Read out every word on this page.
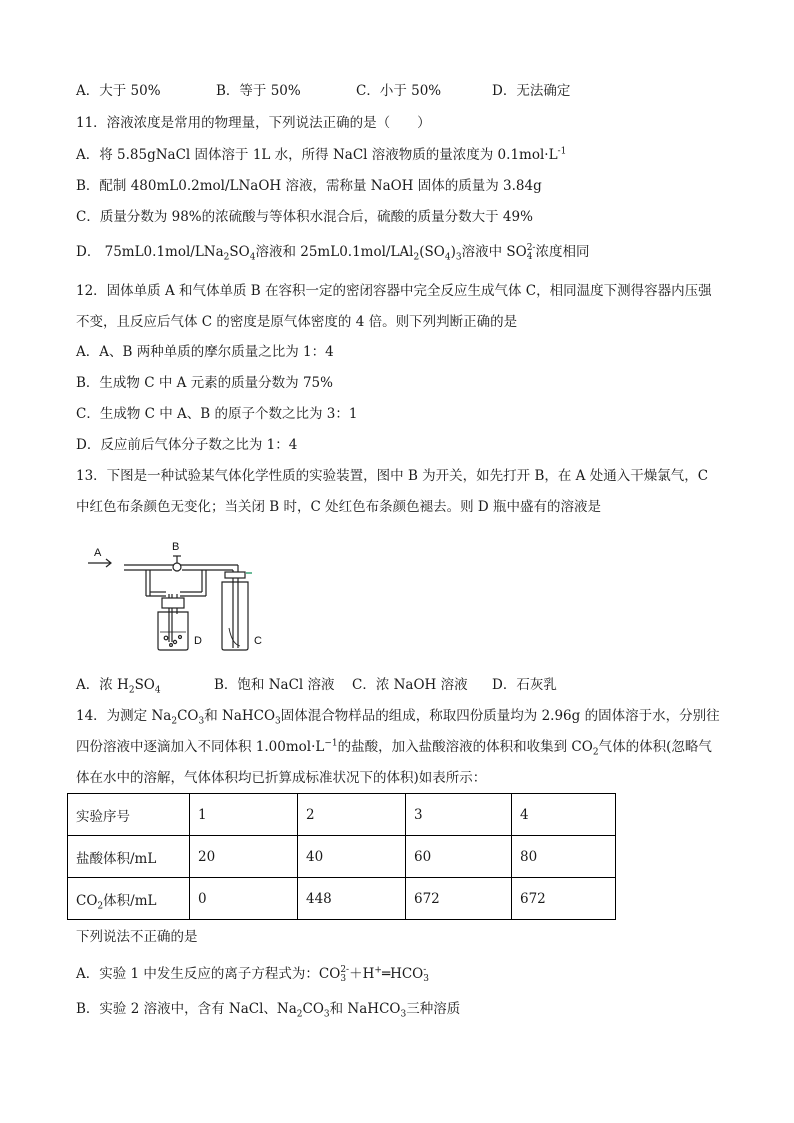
A．大于 50%	B．等于 50%	C．小于 50%	D．无法确定
11．溶液浓度是常用的物理量，下列说法正确的是（　　）
A．将 5.85gNaCl 固体溶于 1L 水，所得 NaCl 溶液物质的量浓度为 $0.1mol\cdot L^{-1}$
B．配制 480mL0.2mol/LNaOH 溶液，需称量 NaOH 固体的质量为 3.84g
C．质量分数为 98%的浓硫酸与等体积水混合后，硫酸的质量分数大于 49%
D． $75mL0.1mol/LNa_2SO_4$溶液和 $25mL0.1mol/LAl_2(SO_4)_3$溶液中 SO 2-
4 浓度相同
12．固体单质 A 和气体单质 B 在容积一定的密闭容器中完全反应生成气体 C，相同温度下测得容器内压强
不变，且反应后气体 C 的密度是原气体密度的 4 倍。则下列判断正确的是
A．A、B 两种单质的摩尔质量之比为 1：4
B．生成物 C 中 A 元素的质量分数为 75%
C．生成物 C 中 A、B 的原子个数之比为 3：1
D．反应前后气体分子数之比为 1：4
13．下图是一种试验某气体化学性质的实验装置，图中 B 为开关，如先打开 B，在 A 处通入干燥氯气，C
中红色布条颜色无变化；当关闭 B 时，C 处红色布条颜色褪去。则 D 瓶中盛有的溶液是
A	B
D	C
A．浓 $H_2SO_4$	B．饱和 NaCl 溶液 C．浓 NaOH 溶液 D．石灰乳
14．为测定 $Na_2CO_3$和 NaHCO$_3$固体混合物样品的组成，称取四份质量均为 2.96g 的固体溶于水，分别往
四份溶液中逐滴加入不同体积 $1.00mol\cdot L^{-1}$的盐酸，加入盐酸溶液的体积和收集到 $CO_2$气体的体积(忽略气
体在水中的溶解，气体体积均已折算成标准状况下的体积)如表所示：
实验序号	1	2	3	4
盐酸体积/mL	20	40	60	80
$CO_2$体积/mL	0	448	672	672
下列说法不正确的是
A．实验 1 中发生反应的离子方程式为：CO 2-
3 ＋H+═HCO -
3
B．实验 2 溶液中，含有 NaCl、$Na_2CO_3$和 NaHCO$_3$三种溶质
